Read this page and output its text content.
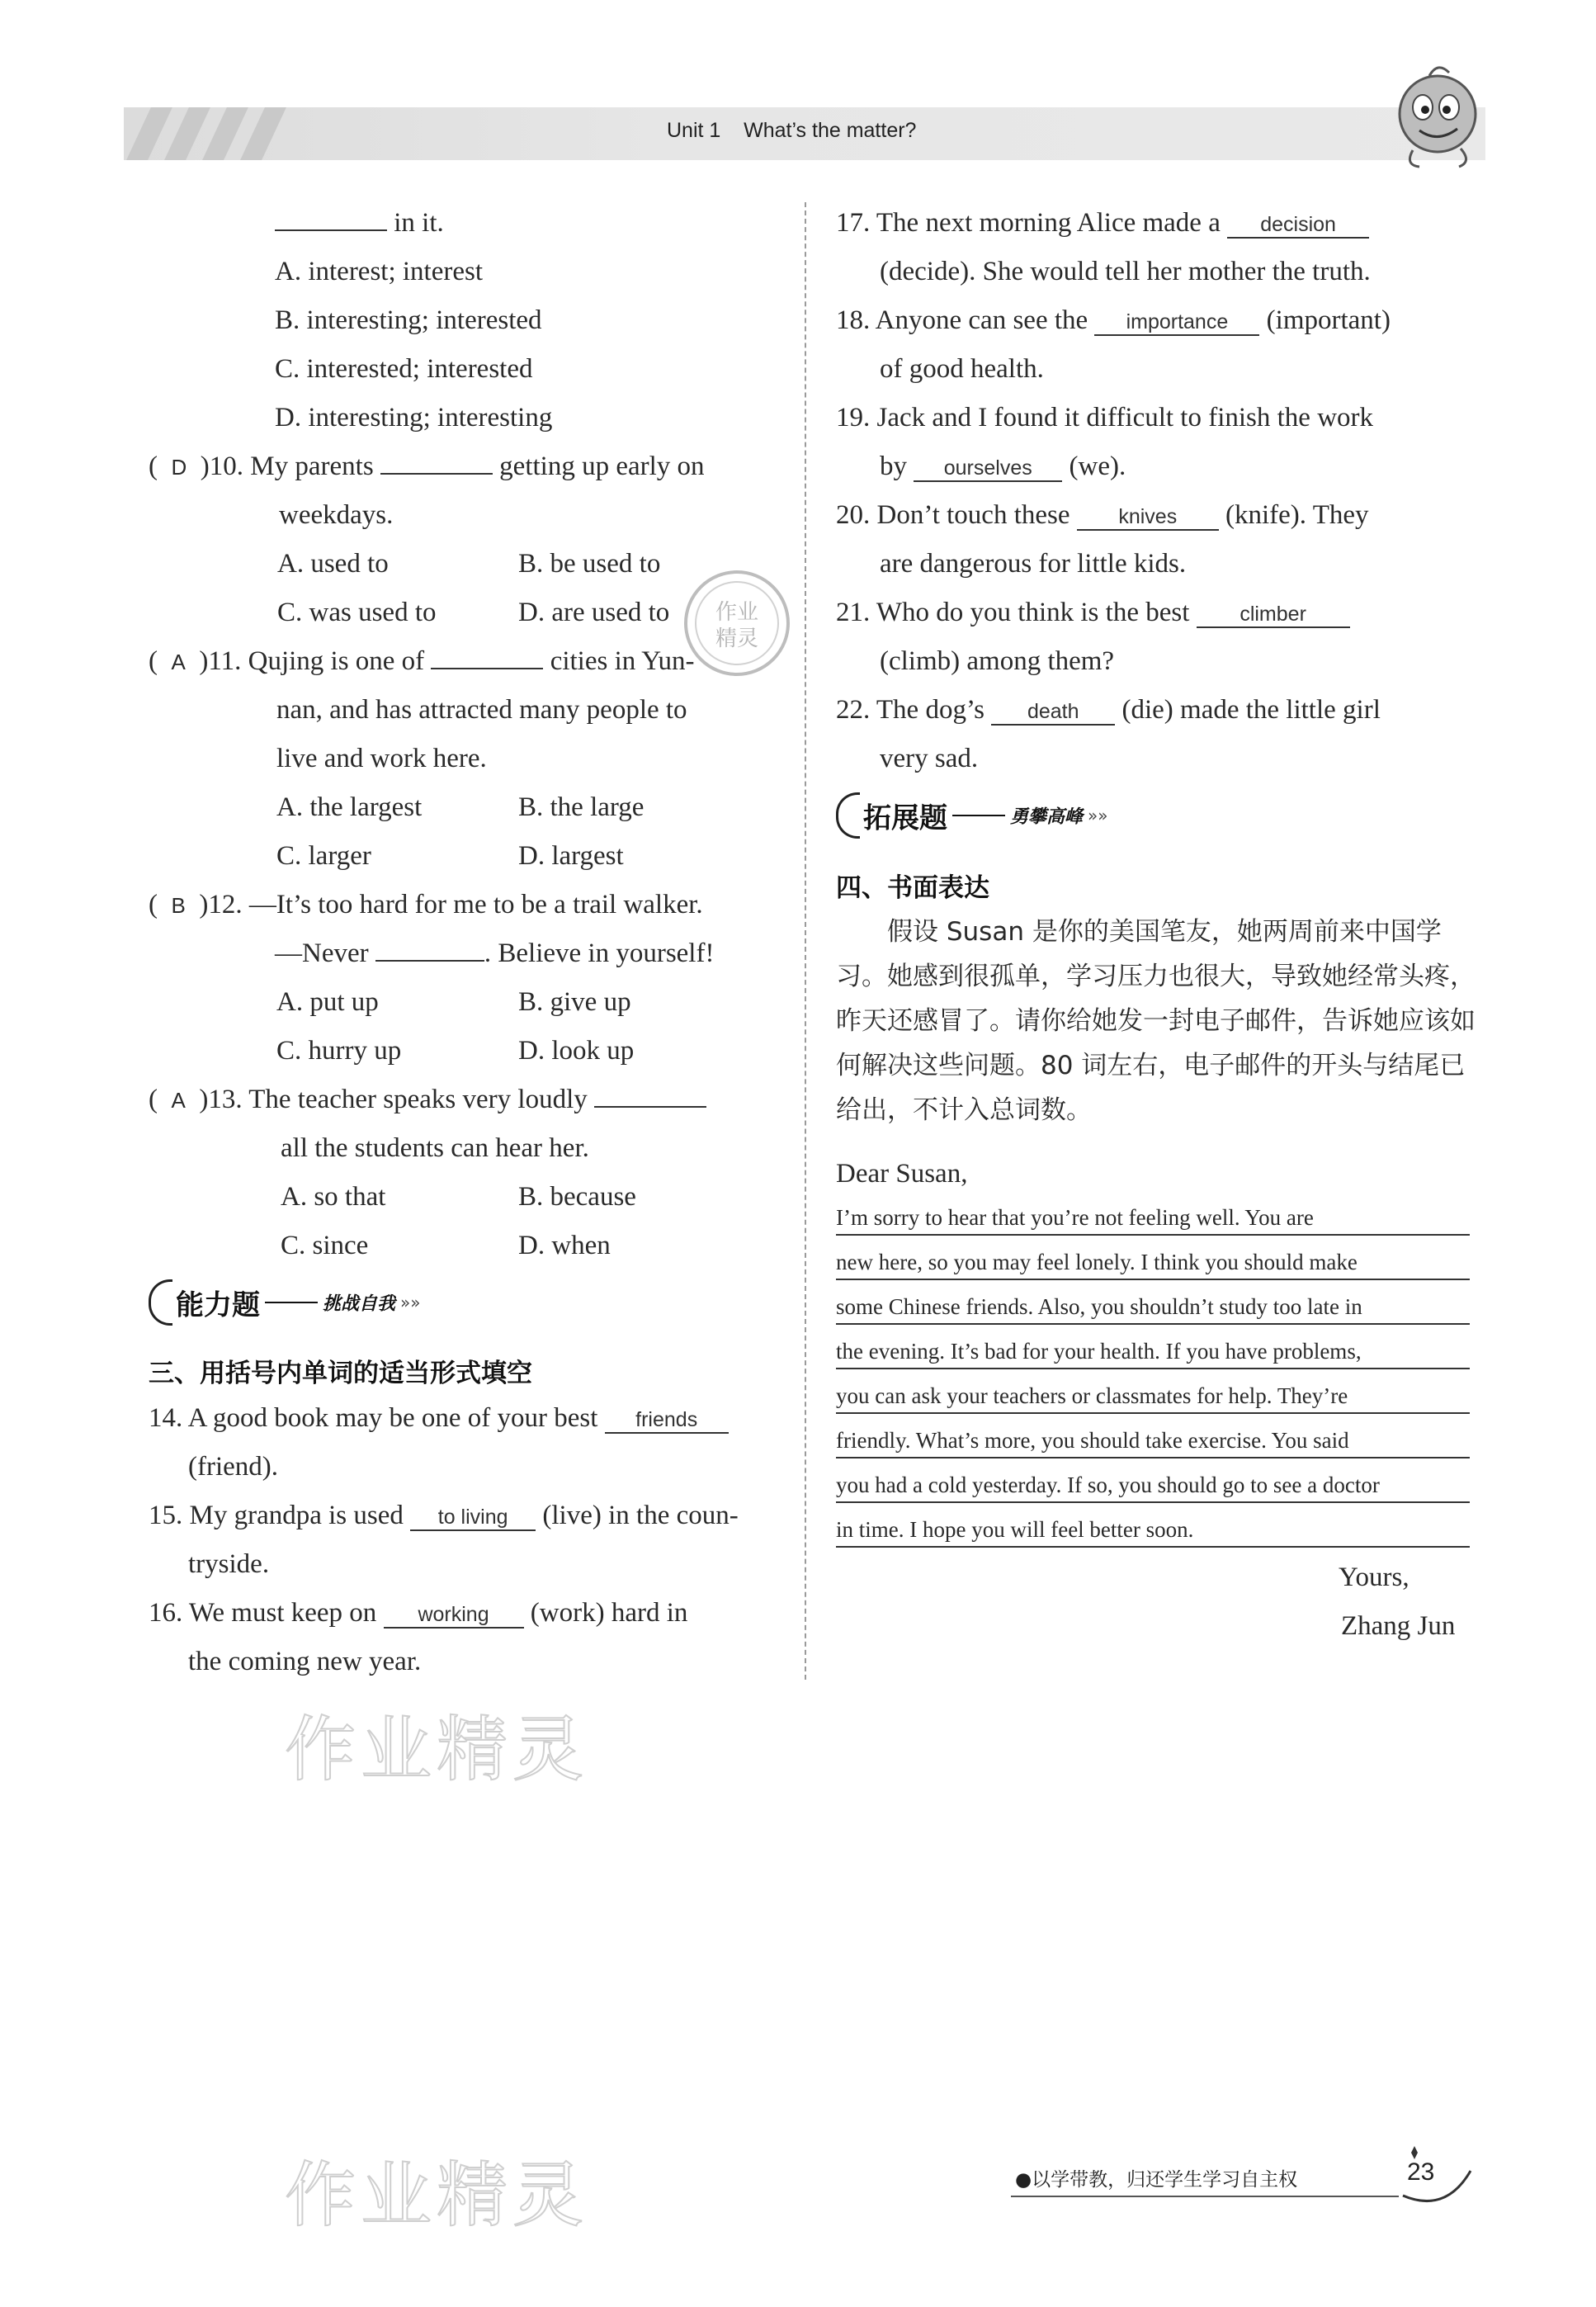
Unit 1 What’s the matter?
in it.
A. interest; interest
B. interesting; interested
C. interested; interested
D. interesting; interesting
(  D )10. My parents	getting up early on
weekdays.
A. used to	B. be used to
C. was used to	D. are used to
(  A )11. Qujing is one of	cities in Yun-
nan, and has attracted many people to
live and work here.
A. the largest	B. the large
C. larger	D. largest
(  B )12. —It’s too hard for me to be a trail walker.
—Never	. Believe in yourself!
A. put up	B. give up
C. hurry up	D. look up
(  A )13. The teacher speaks very loudly
all the students can hear her.
A. so that	B. because
C. since	D. when
能力题	挑战自我 »»
三、用括号内单词的适当形式填空
14. A good book may be one of your best friends
(friend).
15. My grandpa is used to living (live) in the coun-
tryside.
16. We must keep on working (work) hard in
the coming new year.
17. The next morning Alice made a decision
(decide). She would tell her mother the truth.
18. Anyone can see the importance (important)
of good health.
19. Jack and I found it difficult to finish the work
by ourselves (we).
20. Don’t touch these knives (knife). They
are dangerous for little kids.
21. Who do you think is the best climber
(climb) among them?
22. The dog’s death (die) made the little girl
very sad.
拓展题	勇攀高峰 »»
四、书面表达
假设 Susan 是你的美国笔友，她两周前来中国学习。她感到很孤单，学习压力也很大，导致她经常头疼，昨天还感冒了。请你给她发一封电子邮件，告诉她应该如何解决这些问题。80 词左右，电子邮件的开头与结尾已给出，不计入总词数。
Dear Susan,
I’m sorry to hear that you’re not feeling well. You are
new here, so you may feel lonely. I think you should make
some Chinese friends. Also, you shouldn’t study too late in
the evening. It’s bad for your health. If you have problems,
you can ask your teachers or classmates for help. They’re
friendly. What’s more, you should take exercise. You said
you had a cold yesterday. If so, you should go to see a doctor
in time. I hope you will feel better soon.
Yours,
Zhang Jun
作业精灵
作业精灵
作业
精灵
●以学带教，归还学生学习自主权	23
